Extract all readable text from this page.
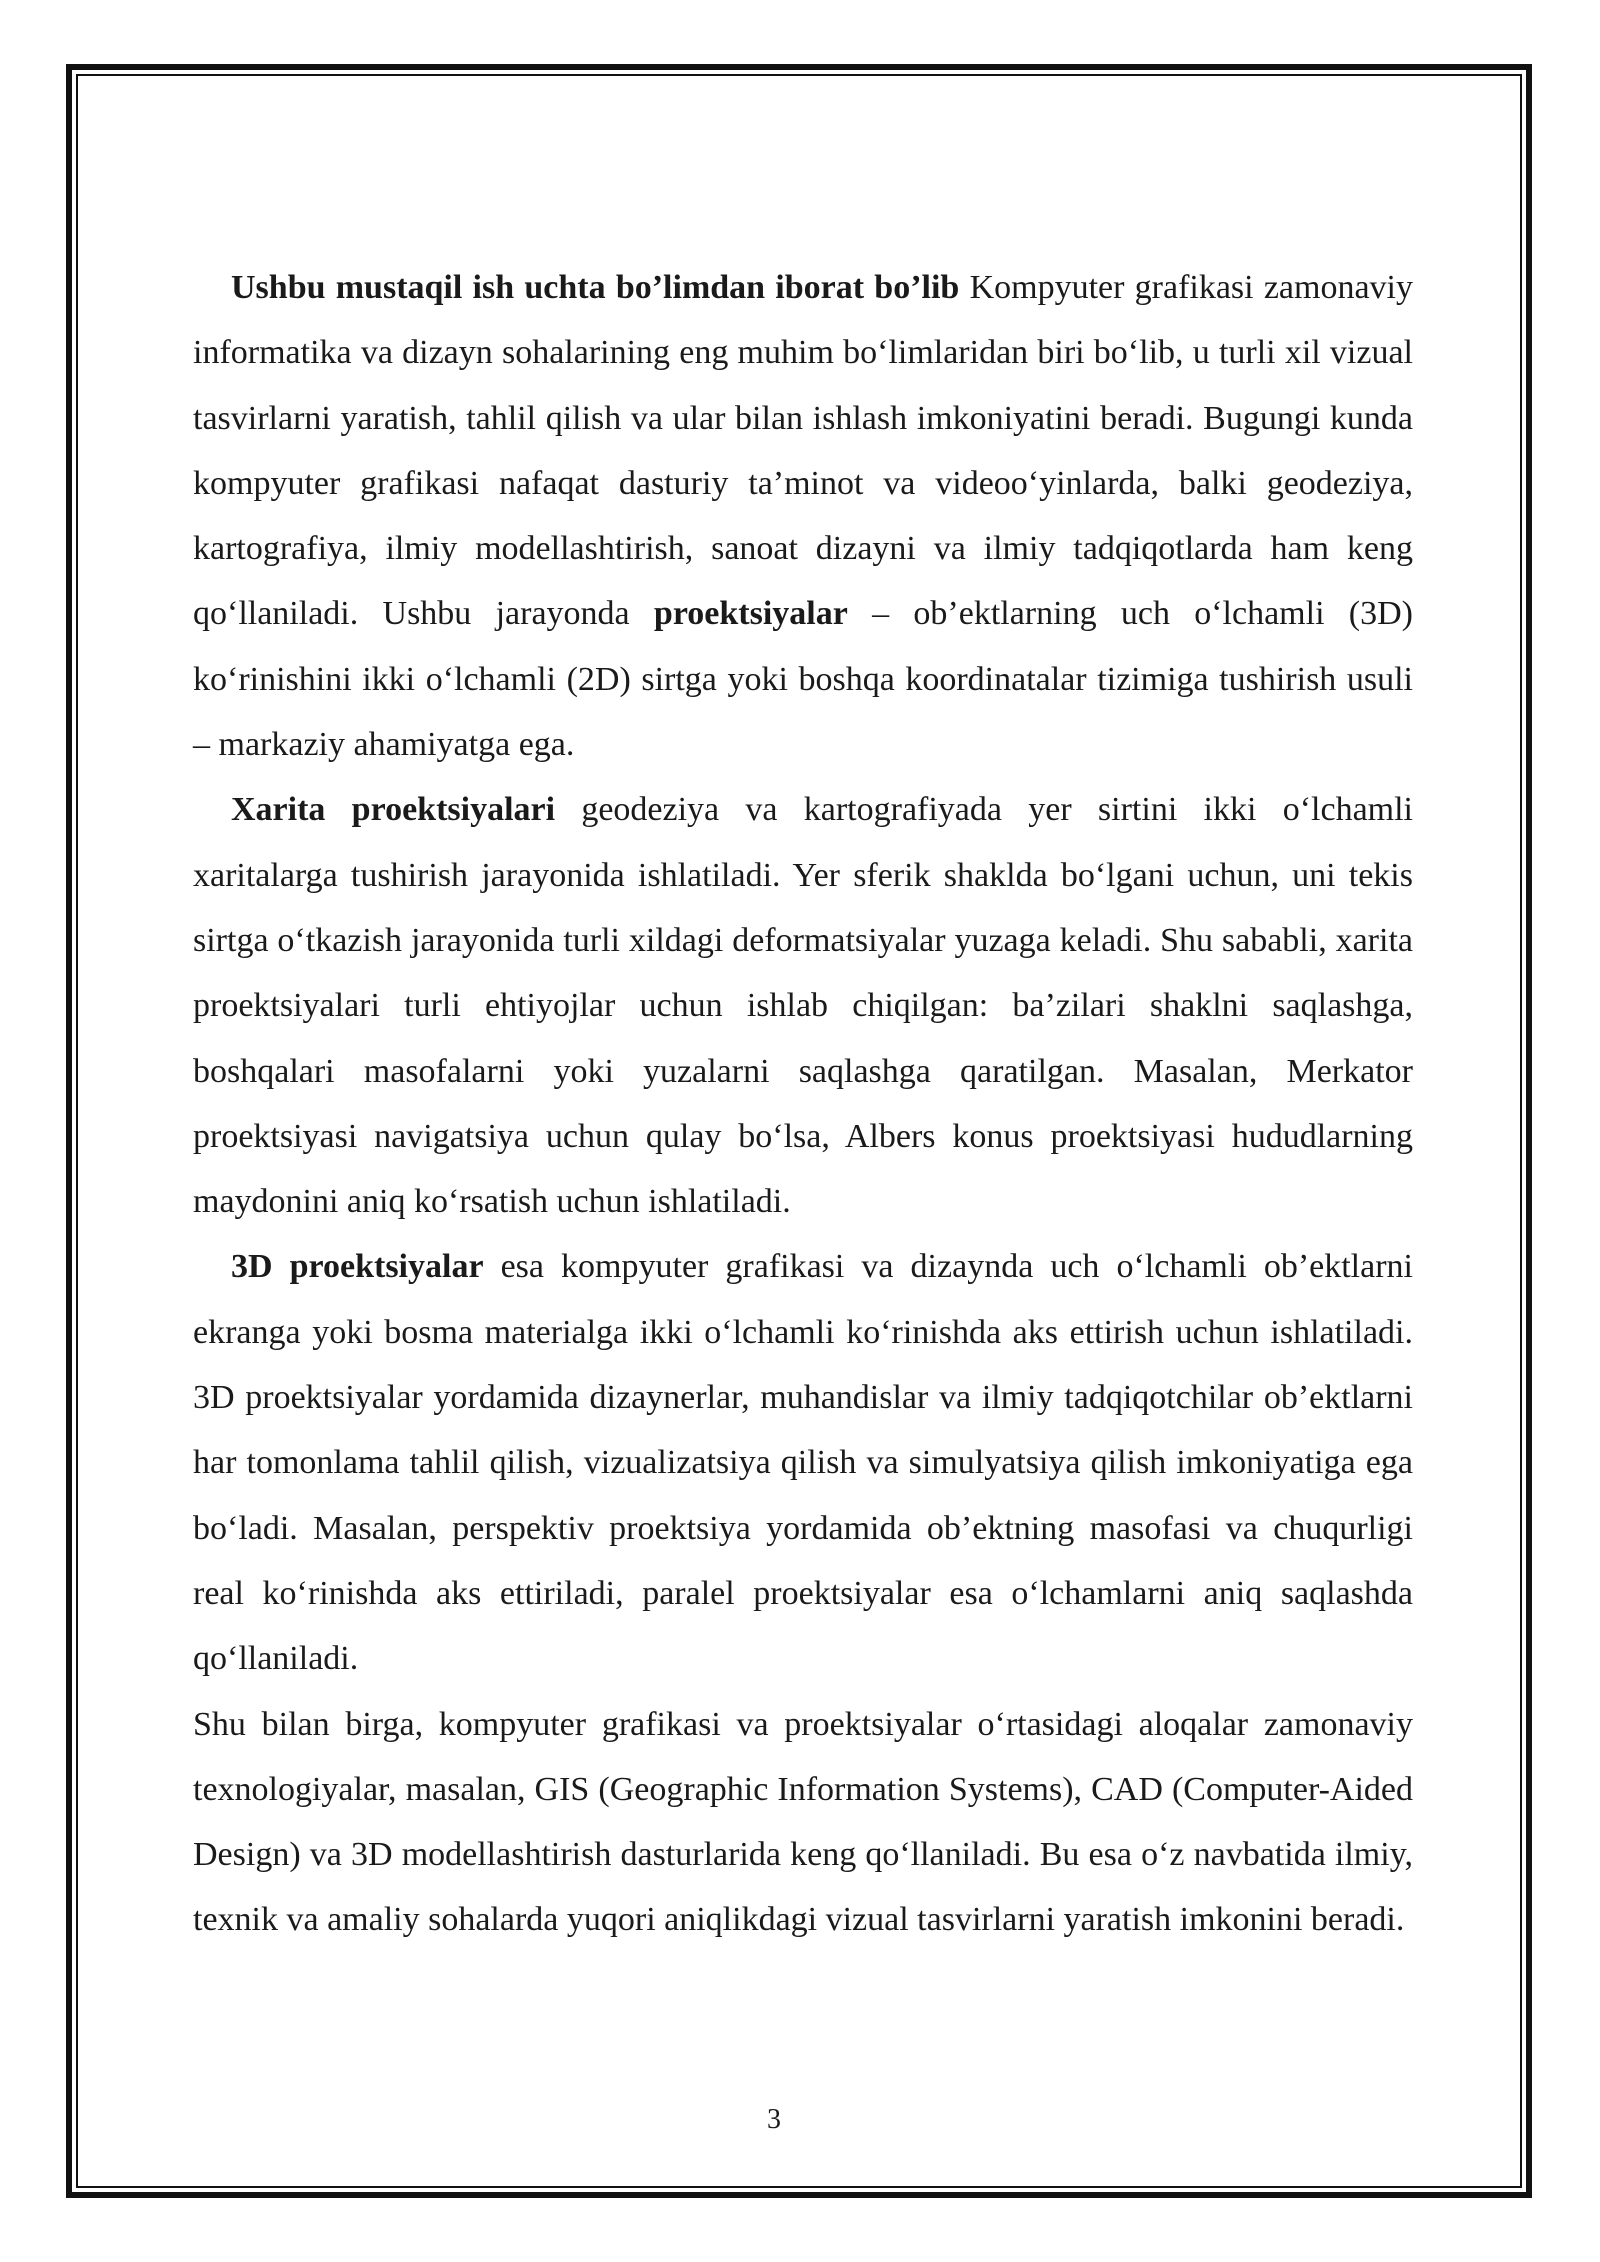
Ushbu mustaqil ish uchta bo’limdan iborat bo’lib Kompyuter grafikasi zamonaviy informatika va dizayn sohalarining eng muhim bo‘limlaridan biri bo‘lib, u turli xil vizual tasvirlarni yaratish, tahlil qilish va ular bilan ishlash imkoniyatini beradi. Bugungi kunda kompyuter grafikasi nafaqat dasturiy ta’minot va videoo‘yinlarda, balki geodeziya, kartografiya, ilmiy modellashtirish, sanoat dizayni va ilmiy tadqiqotlarda ham keng qo‘llaniladi. Ushbu jarayonda proektsiyalar – ob’ektlarning uch o‘lchamli (3D) ko‘rinishini ikki o‘lchamli (2D) sirtga yoki boshqa koordinatalar tizimiga tushirish usuli – markaziy ahamiyatga ega.

Xarita proektsiyalari geodeziya va kartografiyada yer sirtini ikki o‘lchamli xaritalarga tushirish jarayonida ishlatiladi. Yer sferik shaklda bo‘lgani uchun, uni tekis sirtga o‘tkazish jarayonida turli xildagi deformatsiyalar yuzaga keladi. Shu sababli, xarita proektsiyalari turli ehtiyojlar uchun ishlab chiqilgan: ba’zilari shaklni saqlashga, boshqalari masofalarni yoki yuzalarni saqlashga qaratilgan. Masalan, Merkator proektsiyasi navigatsiya uchun qulay bo‘lsa, Albers konus proektsiyasi hududlarning maydonini aniq ko‘rsatish uchun ishlatiladi.

3D proektsiyalar esa kompyuter grafikasi va dizaynda uch o‘lchamli ob’ektlarni ekranga yoki bosma materialga ikki o‘lchamli ko‘rinishda aks ettirish uchun ishlatiladi. 3D proektsiyalar yordamida dizaynerlar, muhandislar va ilmiy tadqiqotchilar ob’ektlarni har tomonlama tahlil qilish, vizualizatsiya qilish va simulyatsiya qilish imkoniyatiga ega bo‘ladi. Masalan, perspektiv proektsiya yordamida ob’ektning masofasi va chuqurligi real ko‘rinishda aks ettiriladi, paralel proektsiyalar esa o‘lchamlarni aniq saqlashda qo‘llaniladi.

Shu bilan birga, kompyuter grafikasi va proektsiyalar o‘rtasidagi aloqalar zamonaviy texnologiyalar, masalan, GIS (Geographic Information Systems), CAD (Computer-Aided Design) va 3D modellashtirish dasturlarida keng qo‘llaniladi. Bu esa o‘z navbatida ilmiy, texnik va amaliy sohalarda yuqori aniqlikdagi vizual tasvirlarni yaratish imkonini beradi.

3
